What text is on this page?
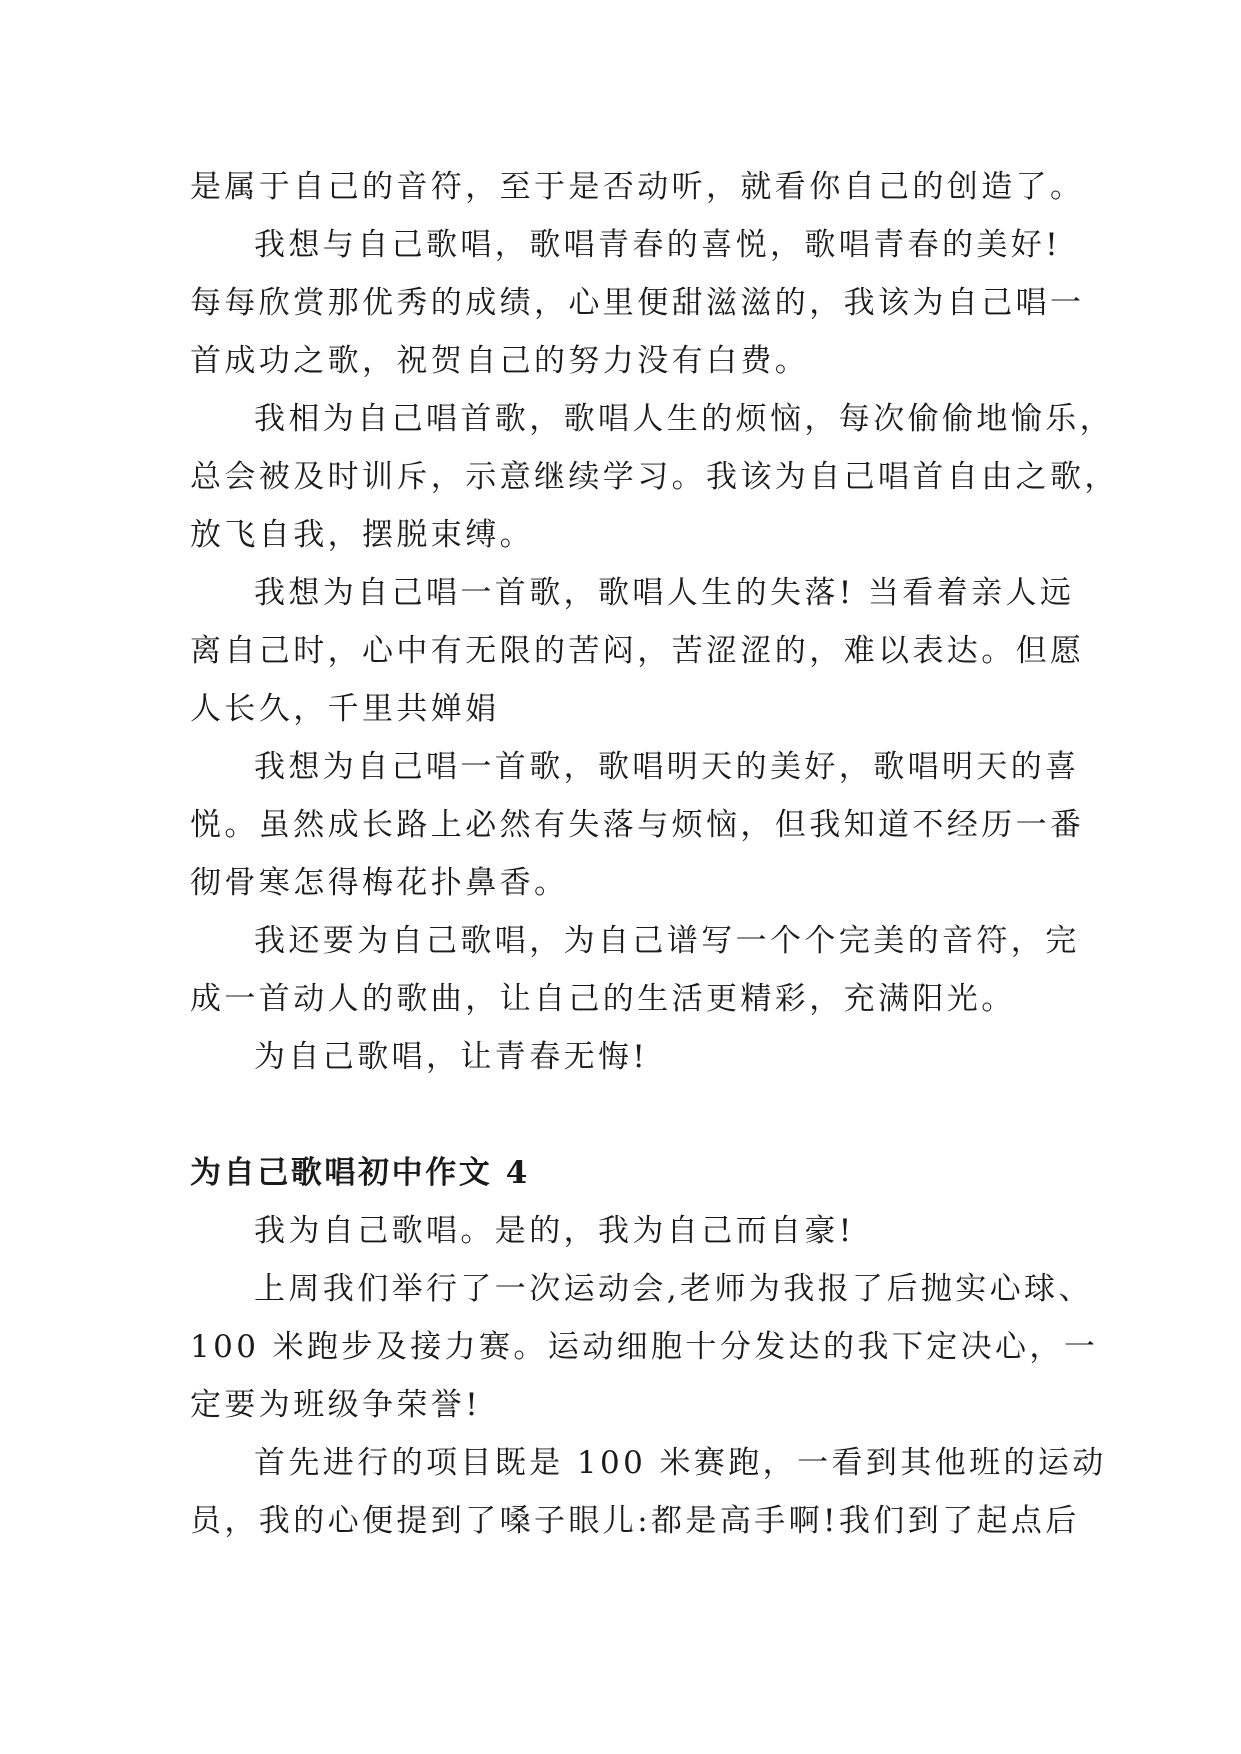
是属于自己的音符，至于是否动听，就看你自己的创造了。

我想与自己歌唱，歌唱青春的喜悦，歌唱青春的美好!

每每欣赏那优秀的成绩，心里便甜滋滋的，我该为自己唱一

首成功之歌，祝贺自己的努力没有白费。

我相为自己唱首歌，歌唱人生的烦恼，每次偷偷地愉乐，

总会被及时训斥，示意继续学习。我该为自己唱首自由之歌，

放飞自我，摆脱束缚。

我想为自己唱一首歌，歌唱人生的失落! 当看着亲人远

离自己时，心中有无限的苦闷，苦涩涩的，难以表达。但愿

人长久，千里共婵娟

我想为自己唱一首歌，歌唱明天的美好，歌唱明天的喜

悦。虽然成长路上必然有失落与烦恼，但我知道不经历一番

彻骨寒怎得梅花扑鼻香。

我还要为自己歌唱，为自己谱写一个个完美的音符，完

成一首动人的歌曲，让自己的生活更精彩，充满阳光。

为自己歌唱，让青春无悔!

为自己歌唱初中作文 4

我为自己歌唱。是的，我为自己而自豪!

上周我们举行了一次运动会,老师为我报了后抛实心球、

100 米跑步及接力赛。运动细胞十分发达的我下定决心，一

定要为班级争荣誉!

首先进行的项目既是 100 米赛跑，一看到其他班的运动

员，我的心便提到了嗓子眼儿:都是高手啊!我们到了起点后
